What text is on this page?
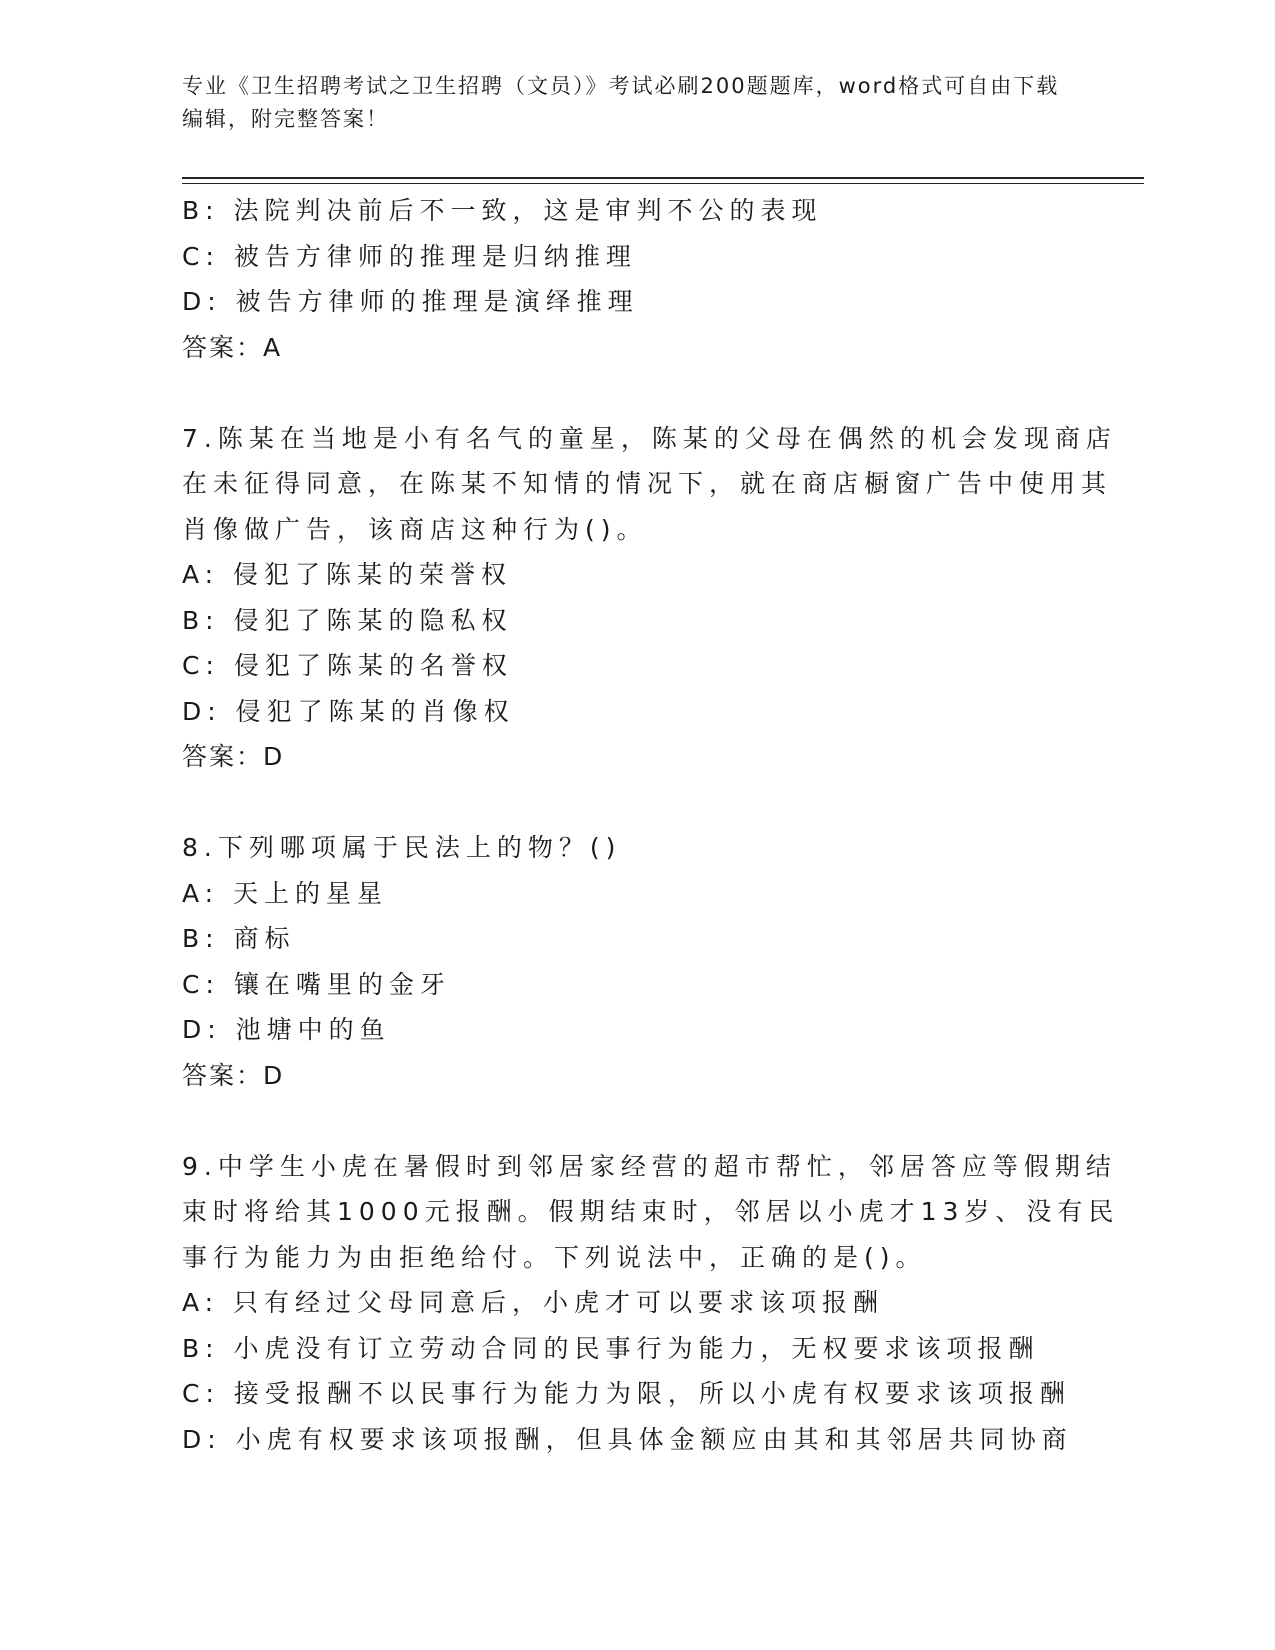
专业《卫生招聘考试之卫生招聘（文员）》考试必刷200题题库，word格式可自由下载编辑，附完整答案！
B: 法院判决前后不一致，这是审判不公的表现
C: 被告方律师的推理是归纳推理
D: 被告方律师的推理是演绎推理
答案：A
7.陈某在当地是小有名气的童星，陈某的父母在偶然的机会发现商店
在未征得同意，在陈某不知情的情况下，就在商店橱窗广告中使用其
肖像做广告，该商店这种行为()。
A: 侵犯了陈某的荣誉权
B: 侵犯了陈某的隐私权
C: 侵犯了陈某的名誉权
D: 侵犯了陈某的肖像权
答案：D
8.下列哪项属于民法上的物？()
A: 天上的星星
B: 商标
C: 镶在嘴里的金牙
D: 池塘中的鱼
答案：D
9.中学生小虎在暑假时到邻居家经营的超市帮忙，邻居答应等假期结
束时将给其1000元报酬。假期结束时，邻居以小虎才13岁、没有民
事行为能力为由拒绝给付。下列说法中，正确的是()。
A: 只有经过父母同意后，小虎才可以要求该项报酬
B: 小虎没有订立劳动合同的民事行为能力，无权要求该项报酬
C: 接受报酬不以民事行为能力为限，所以小虎有权要求该项报酬
D: 小虎有权要求该项报酬，但具体金额应由其和其邻居共同协商
